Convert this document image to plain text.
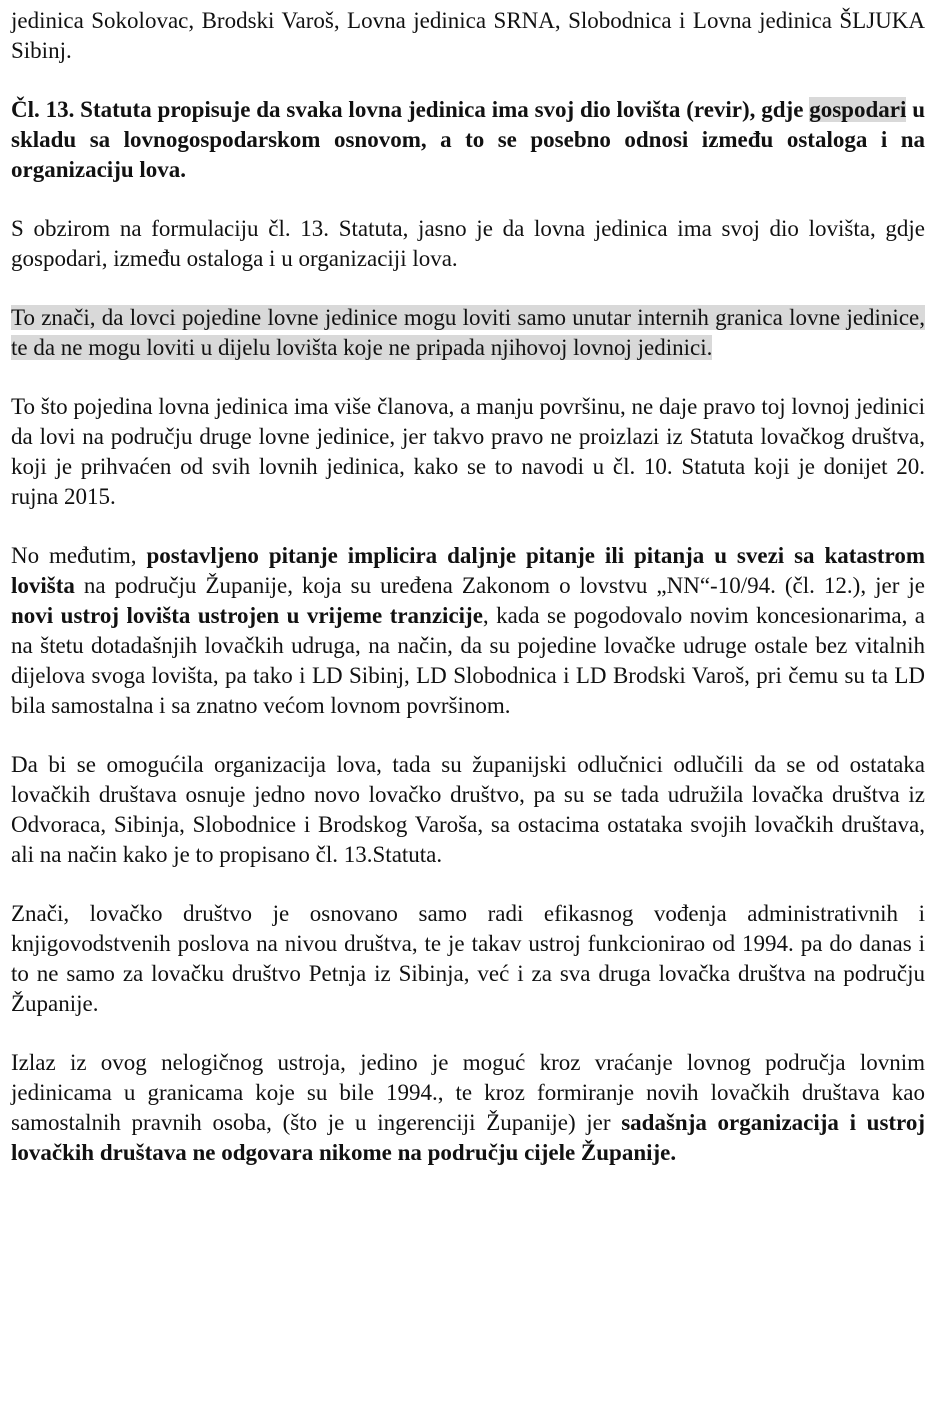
jedinica Sokolovac, Brodski Varoš, Lovna jedinica SRNA, Slobodnica i Lovna jedinica ŠLJUKA Sibinj.

Čl. 13. Statuta propisuje da svaka lovna jedinica ima svoj dio lovišta (revir), gdje gospodari u skladu sa lovnogospodarskom osnovom, a to se posebno odnosi između ostaloga i na organizaciju lova.

S obzirom na formulaciju čl. 13. Statuta, jasno je da lovna jedinica ima svoj dio lovišta, gdje gospodari, između ostaloga i u organizaciji lova.

To znači, da lovci pojedine lovne jedinice mogu loviti samo unutar internih granica lovne jedinice, te da ne mogu loviti u dijelu lovišta koje ne pripada njihovoj lovnoj jedinici.

To što pojedina lovna jedinica ima više članova, a manju površinu, ne daje pravo toj lovnoj jedinici da lovi na području druge lovne jedinice, jer takvo pravo ne proizlazi iz Statuta lovačkog društva, koji je prihvaćen od svih lovnih jedinica, kako se to navodi u čl. 10. Statuta koji je donijet 20. rujna 2015.

No međutim, postavljeno pitanje implicira daljnje pitanje ili pitanja u svezi sa katastrom lovišta na području Županije, koja su uređena Zakonom o lovstvu „NN“-10/94. (čl. 12.), jer je novi ustroj lovišta ustrojen u vrijeme tranzicije, kada se pogodovalo novim koncesionarima, a na štetu dotadašnjih lovačkih udruga, na način, da su pojedine lovačke udruge ostale bez vitalnih dijelova svoga lovišta, pa tako i LD Sibinj, LD Slobodnica i LD Brodski Varoš, pri čemu su ta LD bila samostalna i sa znatno većom lovnom površinom.

Da bi se omogućila organizacija lova, tada su županijski odlučnici odlučili da se od ostataka lovačkih društava osnuje jedno novo lovačko društvo, pa su se tada udružila lovačka društva iz Odvoraca, Sibinja, Slobodnice i Brodskog Varoša, sa ostacima ostataka svojih lovačkih društava, ali na način kako je to propisano čl. 13.Statuta.

Znači, lovačko društvo je osnovano samo radi efikasnog vođenja administrativnih i knjigovodstvenih poslova na nivou društva, te je takav ustroj funkcionirao od 1994. pa do danas i to ne samo za lovačku društvo Petnja iz Sibinja, već i za sva druga lovačka društva na području Županije.

Izlaz iz ovog nelogičnog ustroja, jedino je moguć kroz vraćanje lovnog područja lovnim jedinicama u granicama koje su bile 1994., te kroz formiranje novih lovačkih društava kao samostalnih pravnih osoba, (što je u ingerenciji Županije) jer sadašnja organizacija i ustroj lovačkih društava ne odgovara nikome na području cijele Županije.
